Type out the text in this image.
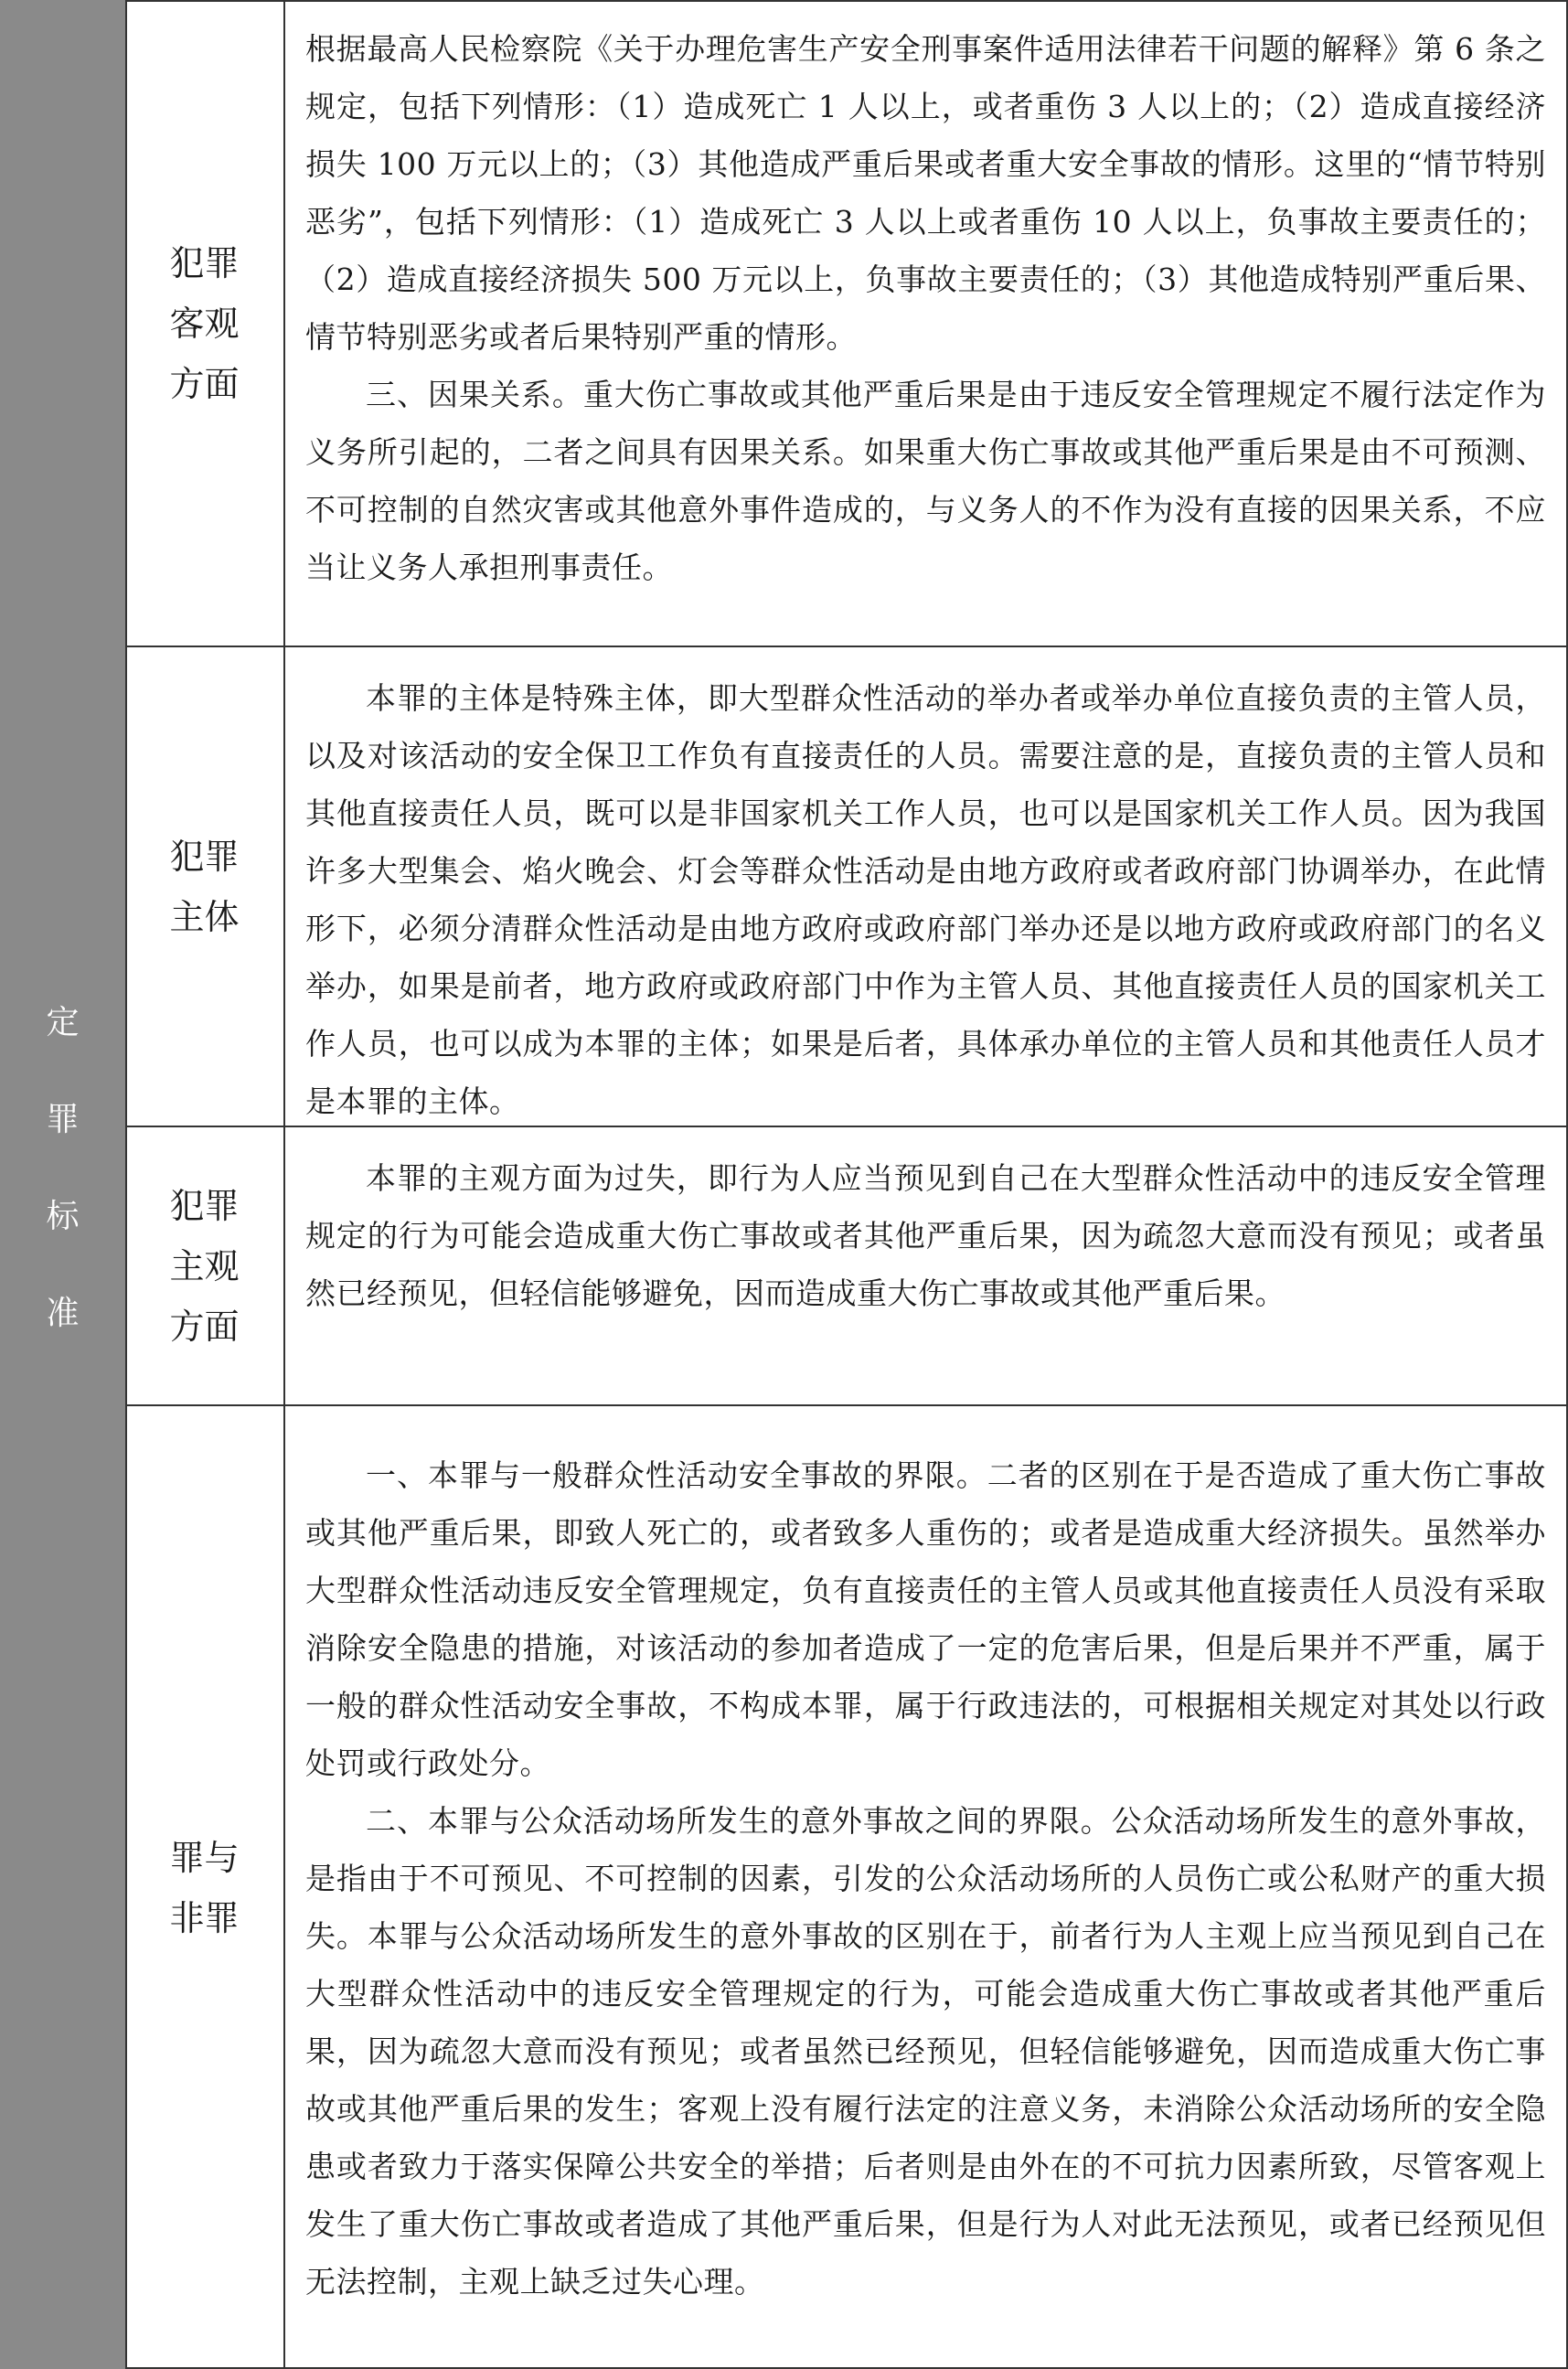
定
罪
标
准
犯罪
客观
方面

根据最高人民检察院《关于办理危害生产安全刑事案件适用法律若干问题的解释》第 6 条之规定，包括下列情形：（1）造成死亡 1 人以上，或者重伤 3 人以上的；（2）造成直接经济损失 100 万元以上的；（3）其他造成严重后果或者重大安全事故的情形。这里的“情节特别恶劣”，包括下列情形：（1）造成死亡 3 人以上或者重伤 10 人以上，负事故主要责任的；（2）造成直接经济损失 500 万元以上，负事故主要责任的；（3）其他造成特别严重后果、情节特别恶劣或者后果特别严重的情形。

三、因果关系。重大伤亡事故或其他严重后果是由于违反安全管理规定不履行法定作为义务所引起的，二者之间具有因果关系。如果重大伤亡事故或其他严重后果是由不可预测、不可控制的自然灾害或其他意外事件造成的，与义务人的不作为没有直接的因果关系，不应当让义务人承担刑事责任。

犯罪
主体

本罪的主体是特殊主体，即大型群众性活动的举办者或举办单位直接负责的主管人员，以及对该活动的安全保卫工作负有直接责任的人员。需要注意的是，直接负责的主管人员和其他直接责任人员，既可以是非国家机关工作人员，也可以是国家机关工作人员。因为我国许多大型集会、焰火晚会、灯会等群众性活动是由地方政府或者政府部门协调举办，在此情形下，必须分清群众性活动是由地方政府或政府部门举办还是以地方政府或政府部门的名义举办，如果是前者，地方政府或政府部门中作为主管人员、其他直接责任人员的国家机关工作人员，也可以成为本罪的主体；如果是后者，具体承办单位的主管人员和其他责任人员才是本罪的主体。

犯罪
主观
方面

本罪的主观方面为过失，即行为人应当预见到自己在大型群众性活动中的违反安全管理规定的行为可能会造成重大伤亡事故或者其他严重后果，因为疏忽大意而没有预见；或者虽然已经预见，但轻信能够避免，因而造成重大伤亡事故或其他严重后果。

罪与
非罪

一、本罪与一般群众性活动安全事故的界限。二者的区别在于是否造成了重大伤亡事故或其他严重后果，即致人死亡的，或者致多人重伤的；或者是造成重大经济损失。虽然举办大型群众性活动违反安全管理规定，负有直接责任的主管人员或其他直接责任人员没有采取消除安全隐患的措施，对该活动的参加者造成了一定的危害后果，但是后果并不严重，属于一般的群众性活动安全事故，不构成本罪，属于行政违法的，可根据相关规定对其处以行政处罚或行政处分。

二、本罪与公众活动场所发生的意外事故之间的界限。公众活动场所发生的意外事故，是指由于不可预见、不可控制的因素，引发的公众活动场所的人员伤亡或公私财产的重大损失。本罪与公众活动场所发生的意外事故的区别在于，前者行为人主观上应当预见到自己在大型群众性活动中的违反安全管理规定的行为，可能会造成重大伤亡事故或者其他严重后果，因为疏忽大意而没有预见；或者虽然已经预见，但轻信能够避免，因而造成重大伤亡事故或其他严重后果的发生；客观上没有履行法定的注意义务，未消除公众活动场所的安全隐患或者致力于落实保障公共安全的举措；后者则是由外在的不可抗力因素所致，尽管客观上发生了重大伤亡事故或者造成了其他严重后果，但是行为人对此无法预见，或者已经预见但无法控制，主观上缺乏过失心理。
